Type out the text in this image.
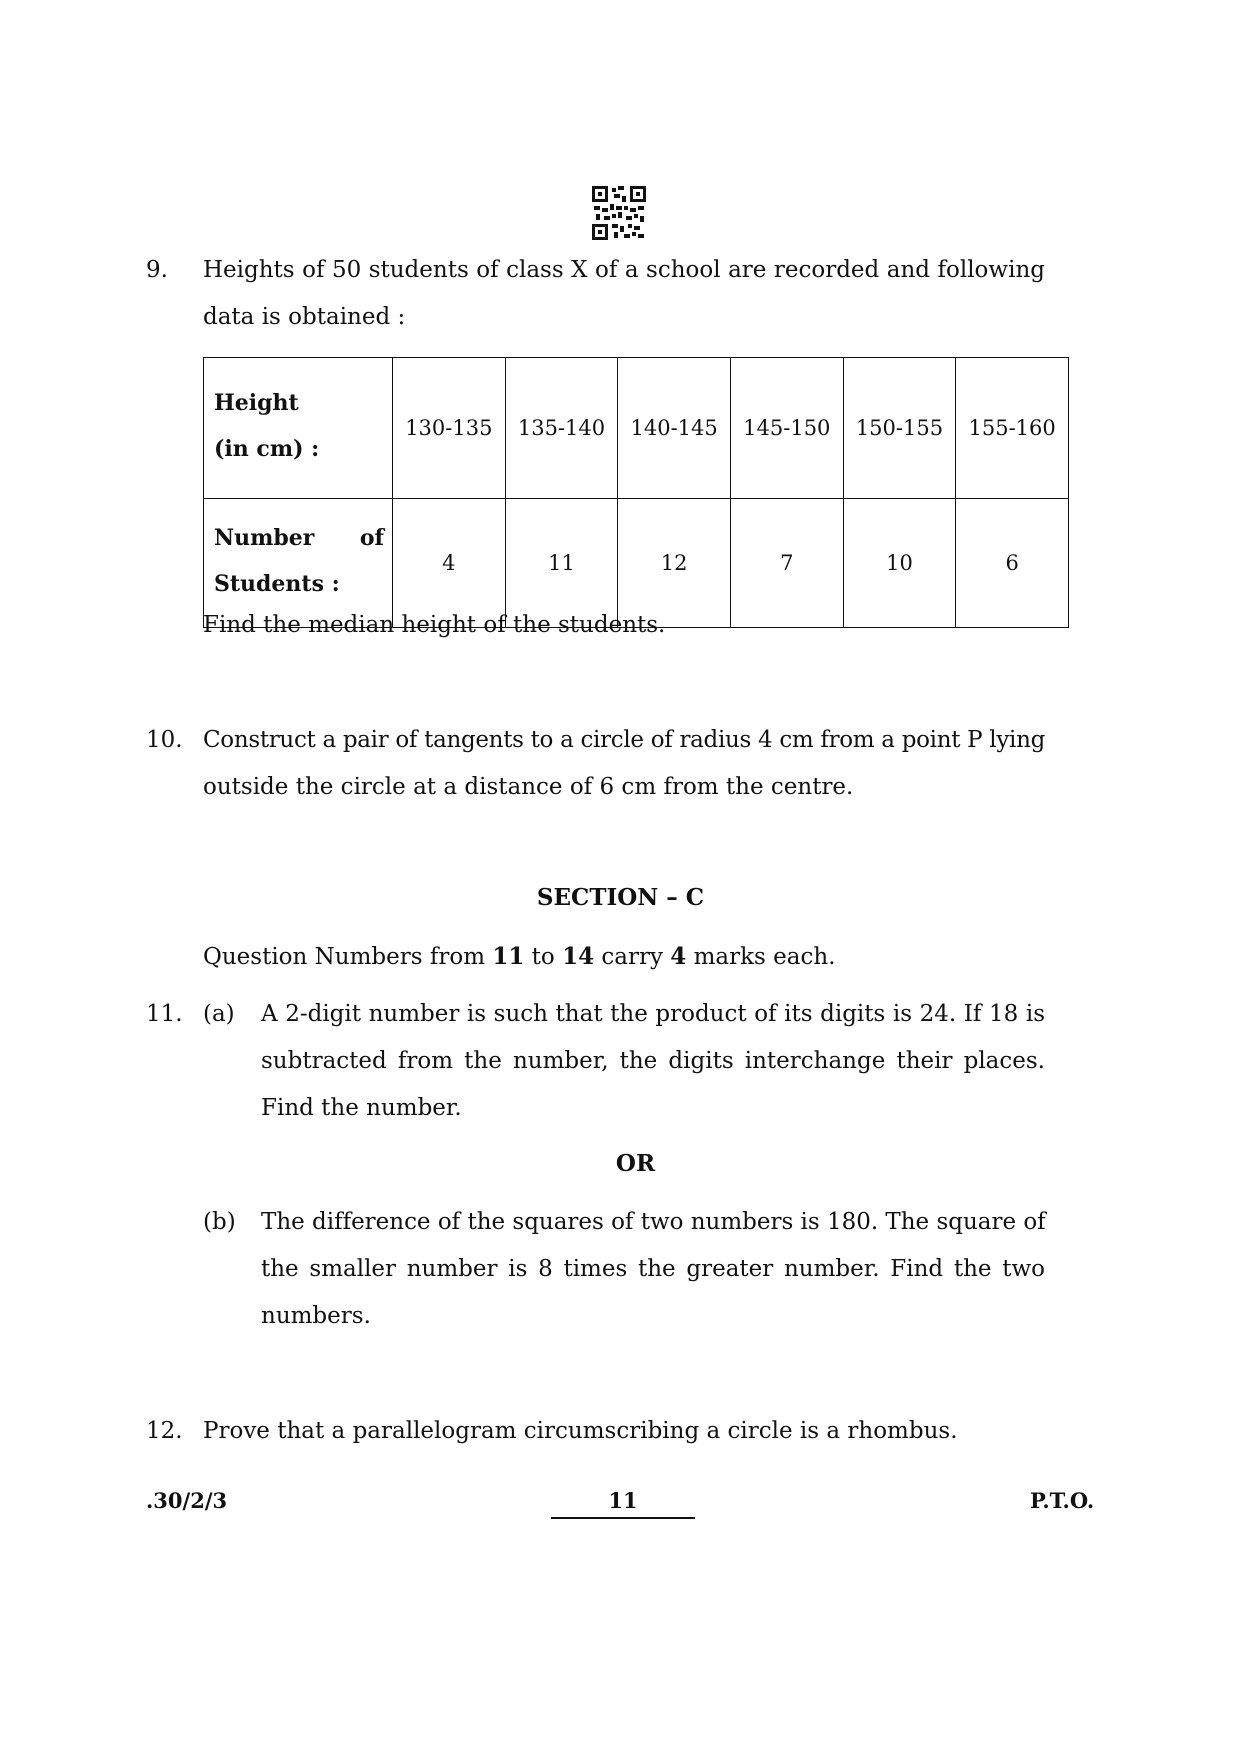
9. Heights of 50 students of class X of a school are recorded and following
data is obtained :
Height
(in cm) :	130-135	135-140	140-145	145-150	150-155	155-160

Number of
Students :	4	11	12	7	10	6
Find the median height of the students.
10. Construct a pair of tangents to a circle of radius 4 cm from a point P lying
outside the circle at a distance of 6 cm from the centre.
SECTION – C
Question Numbers from 11 to 14 carry 4 marks each.
11. (a) A 2-digit number is such that the product of its digits is 24. If 18 is
subtracted from the number, the digits interchange their places.
Find the number.
OR
(b) The difference of the squares of two numbers is 180. The square of
the smaller number is 8 times the greater number. Find the two
numbers.
12. Prove that a parallelogram circumscribing a circle is a rhombus.
.30/2/3	11	P.T.O.
